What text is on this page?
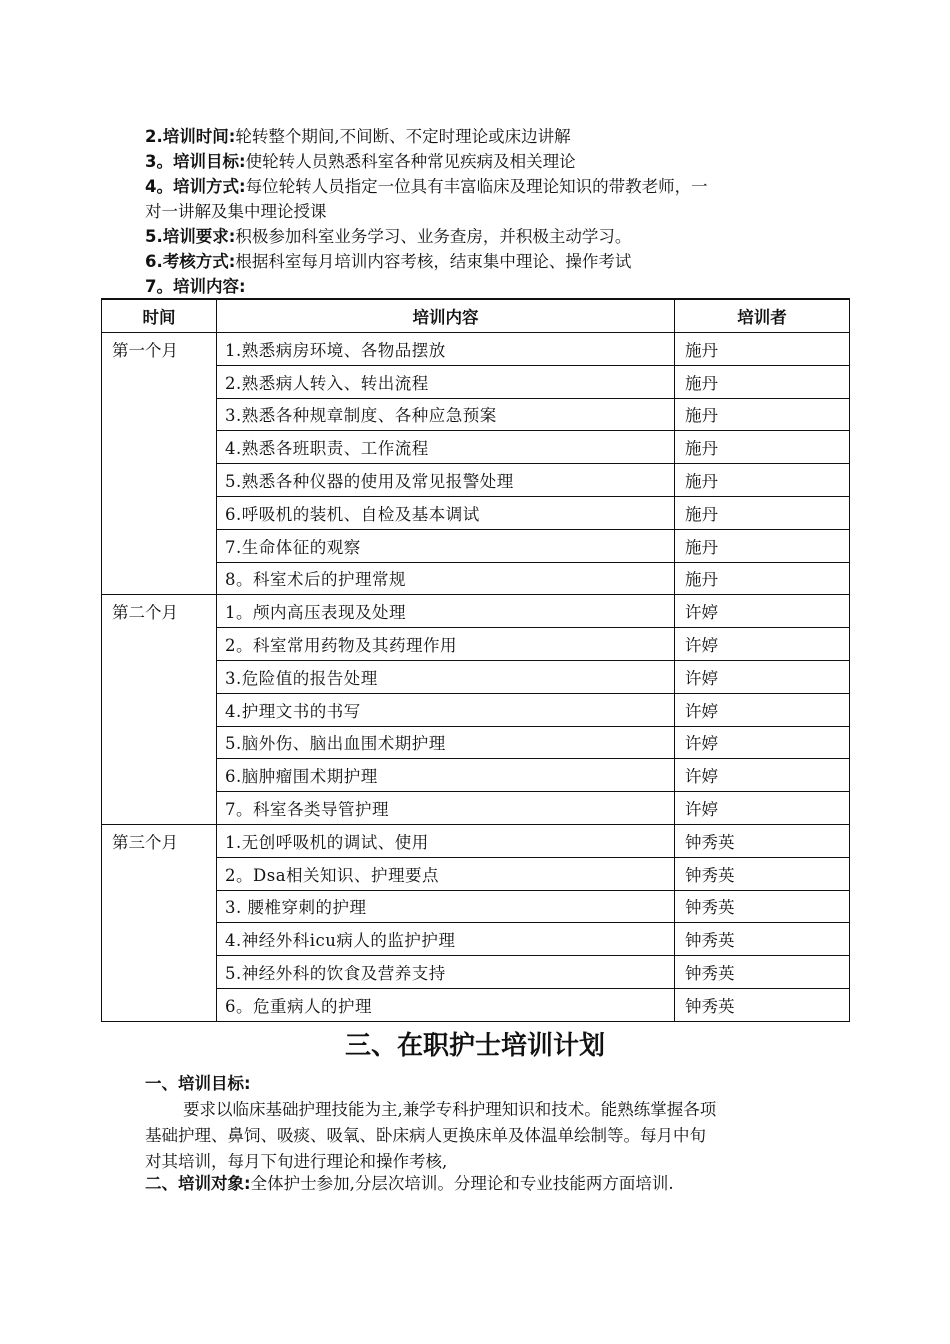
2.培训时间:轮转整个期间,不间断、不定时理论或床边讲解
3。培训目标:使轮转人员熟悉科室各种常见疾病及相关理论
4。培训方式:每位轮转人员指定一位具有丰富临床及理论知识的带教老师，一
对一讲解及集中理论授课
5.培训要求:积极参加科室业务学习、业务查房，并积极主动学习。
6.考核方式:根据科室每月培训内容考核，结束集中理论、操作考试
7。培训内容:
时间	培训内容	培训者
第一个月	1.熟悉病房环境、各物品摆放	施丹
	2.熟悉病人转入、转出流程	施丹
	3.熟悉各种规章制度、各种应急预案	施丹
	4.熟悉各班职责、工作流程	施丹
	5.熟悉各种仪器的使用及常见报警处理	施丹
	6.呼吸机的装机、自检及基本调试	施丹
	7.生命体征的观察	施丹
	8。科室术后的护理常规	施丹
第二个月	1。颅内高压表现及处理	许婷
	2。科室常用药物及其药理作用	许婷
	3.危险值的报告处理	许婷
	4.护理文书的书写	许婷
	5.脑外伤、脑出血围术期护理	许婷
	6.脑肿瘤围术期护理	许婷
	7。科室各类导管护理	许婷
第三个月	1.无创呼吸机的调试、使用	钟秀英
	2。Dsa相关知识、护理要点	钟秀英
	3. 腰椎穿刺的护理	钟秀英
	4.神经外科icu病人的监护护理	钟秀英
	5.神经外科的饮食及营养支持	钟秀英
	6。危重病人的护理	钟秀英
三、在职护士培训计划
一、培训目标:
要求以临床基础护理技能为主,兼学专科护理知识和技术。能熟练掌握各项
基础护理、鼻饲、吸痰、吸氧、卧床病人更换床单及体温单绘制等。每月中旬
对其培训，每月下旬进行理论和操作考核,
二、培训对象:全体护士参加,分层次培训。分理论和专业技能两方面培训.
